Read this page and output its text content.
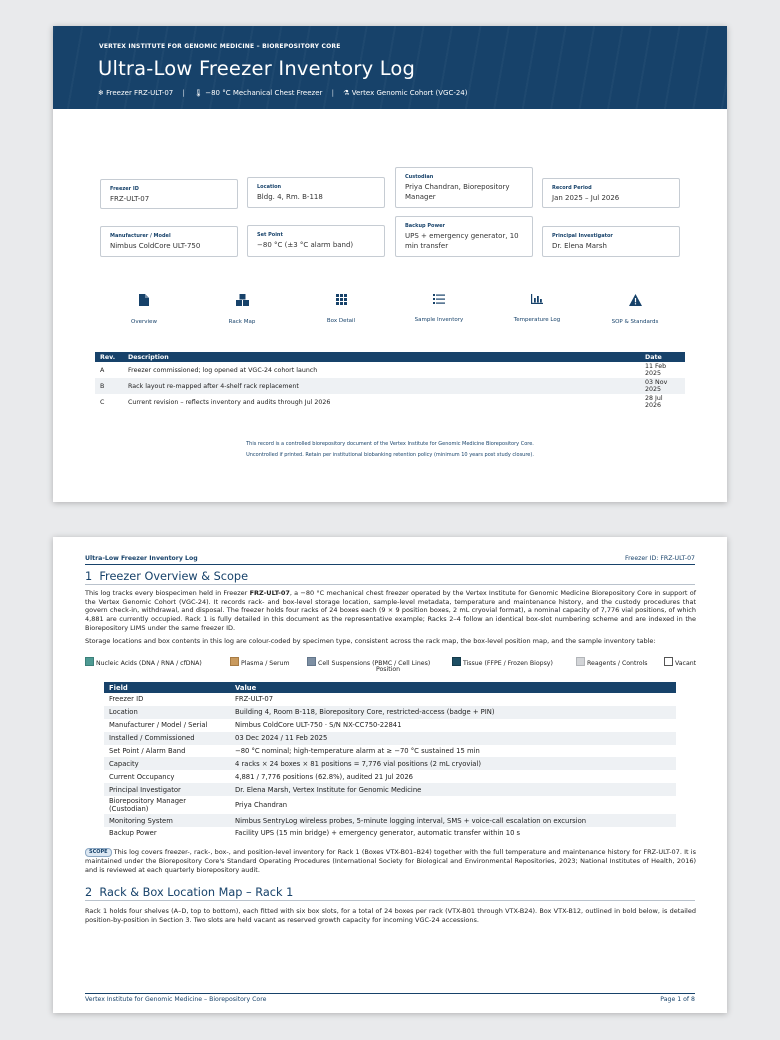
VERTEX INSTITUTE FOR GENOMIC MEDICINE – BIOREPOSITORY CORE
Ultra-Low Freezer Inventory Log
❄ Freezer FRZ-ULT-07 | 🌡 −80 °C Mechanical Chest Freezer | ⚗ Vertex Genomic Cohort (VGC-24)
Freezer ID
FRZ-ULT-07
Location
Bldg. 4, Rm. B-118
Custodian
Priya Chandran, Biorepository Manager
Record Period
Jan 2025 – Jul 2026
Manufacturer / Model
Nimbus ColdCore ULT-750
Set Point
−80 °C (±3 °C alarm band)
Backup Power
UPS + emergency generator, 10 min transfer
Principal Investigator
Dr. Elena Marsh
Overview	Rack Map	Box Detail	Sample Inventory	Temperature Log	SOP & Standards
Rev.	Description	Date
A	Freezer commissioned; log opened at VGC-24 cohort launch	11 Feb 2025
B	Rack layout re-mapped after 4-shelf rack replacement	03 Nov 2025
C	Current revision – reflects inventory and audits through Jul 2026	28 Jul 2026
This record is a controlled biorepository document of the Vertex Institute for Genomic Medicine Biorepository Core.
Uncontrolled if printed. Retain per institutional biobanking retention policy (minimum 10 years post study closure).
Ultra-Low Freezer Inventory Log	Freezer ID: FRZ-ULT-07
1 Freezer Overview & Scope
This log tracks every biospecimen held in Freezer FRZ-ULT-07, a −80 °C mechanical chest freezer operated by the Vertex Institute for Genomic Medicine Biorepository Core in support of the Vertex Genomic Cohort (VGC-24). It records rack- and box-level storage location, sample-level metadata, temperature and maintenance history, and the custody procedures that govern check-in, withdrawal, and disposal. The freezer holds four racks of 24 boxes each (9 × 9 position boxes, 2 mL cryovial format), a nominal capacity of 7,776 vial positions, of which 4,881 are currently occupied. Rack 1 is fully detailed in this document as the representative example; Racks 2–4 follow an identical box-slot numbering scheme and are indexed in the Biorepository LIMS under the same freezer ID.
Storage locations and box contents in this log are colour-coded by specimen type, consistent across the rack map, the box-level position map, and the sample inventory table:
Nucleic Acids (DNA / RNA / cfDNA)	Plasma / Serum	Cell Suspensions (PBMC / Cell Lines)	Tissue (FFPE / Frozen Biopsy)	Reagents / Controls	Vacant
Position
Field	Value
Freezer ID	FRZ-ULT-07
Location	Building 4, Room B-118, Biorepository Core, restricted-access (badge + PIN)
Manufacturer / Model / Serial	Nimbus ColdCore ULT-750 · S/N NX-CC750-22841
Installed / Commissioned	03 Dec 2024 / 11 Feb 2025
Set Point / Alarm Band	−80 °C nominal; high-temperature alarm at ≥ −70 °C sustained 15 min
Capacity	4 racks × 24 boxes × 81 positions = 7,776 vial positions (2 mL cryovial)
Current Occupancy	4,881 / 7,776 positions (62.8%), audited 21 Jul 2026
Principal Investigator	Dr. Elena Marsh, Vertex Institute for Genomic Medicine
Biorepository Manager (Custodian)	Priya Chandran
Monitoring System	Nimbus SentryLog wireless probes, 5-minute logging interval, SMS + voice-call escalation on excursion
Backup Power	Facility UPS (15 min bridge) + emergency generator, automatic transfer within 10 s
SCOPE This log covers freezer-, rack-, box-, and position-level inventory for Rack 1 (Boxes VTX-B01–B24) together with the full temperature and maintenance history for FRZ-ULT-07. It is maintained under the Biorepository Core's Standard Operating Procedures (International Society for Biological and Environmental Repositories, 2023; National Institutes of Health, 2016) and is reviewed at each quarterly biorepository audit.
2 Rack & Box Location Map – Rack 1
Rack 1 holds four shelves (A–D, top to bottom), each fitted with six box slots, for a total of 24 boxes per rack (VTX-B01 through VTX-B24). Box VTX-B12, outlined in bold below, is detailed position-by-position in Section 3. Two slots are held vacant as reserved growth capacity for incoming VGC-24 accessions.
Vertex Institute for Genomic Medicine – Biorepository Core	Page 1 of 8
